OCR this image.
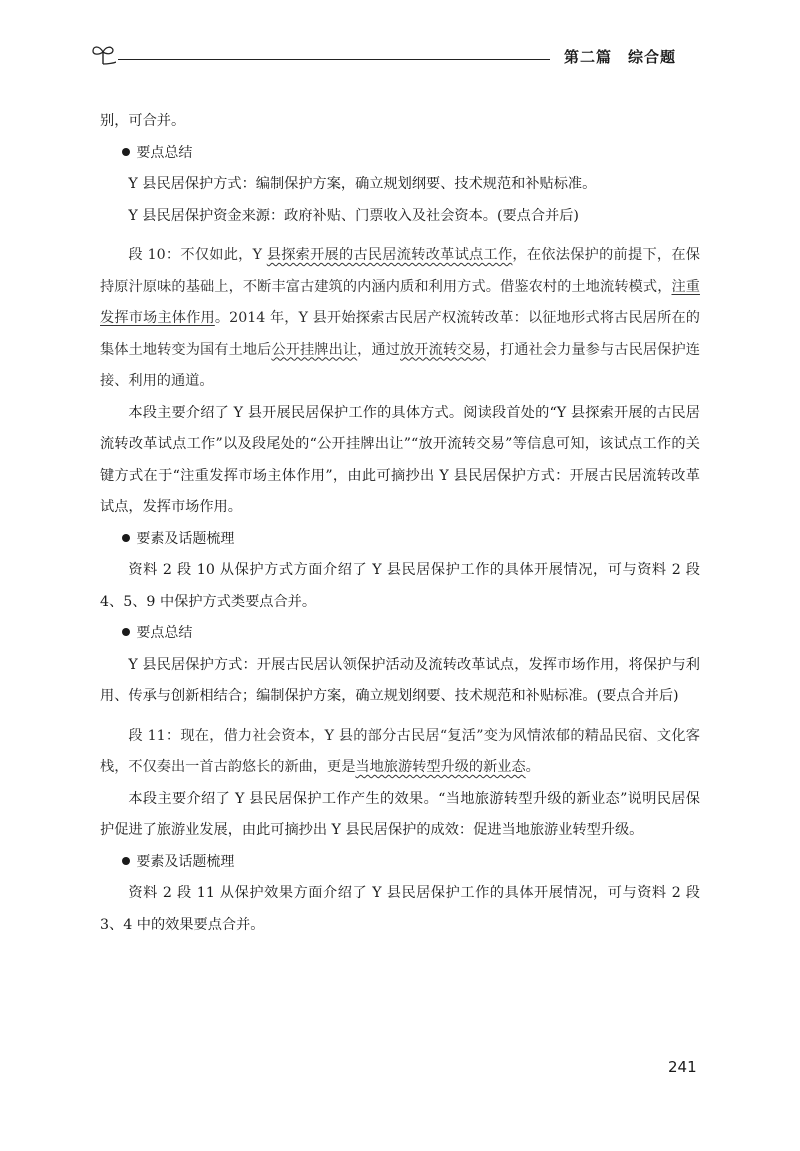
第二篇　综合题

别，可合并。

要点总结

Y 县民居保护方式：编制保护方案，确立规划纲要、技术规范和补贴标准。

Y 县民居保护资金来源：政府补贴、门票收入及社会资本。(要点合并后)

段 10：不仅如此，Y 县探索开展的古民居流转改革试点工作，在依法保护的前提下，在保持原汁原味的基础上，不断丰富古建筑的内涵内质和利用方式。借鉴农村的土地流转模式，注重发挥市场主体作用。2014 年，Y 县开始探索古民居产权流转改革：以征地形式将古民居所在的集体土地转变为国有土地后公开挂牌出让，通过放开流转交易，打通社会力量参与古民居保护连接、利用的通道。

本段主要介绍了 Y 县开展民居保护工作的具体方式。阅读段首处的“Y 县探索开展的古民居流转改革试点工作”以及段尾处的“公开挂牌出让”“放开流转交易”等信息可知，该试点工作的关键方式在于“注重发挥市场主体作用”，由此可摘抄出 Y 县民居保护方式：开展古民居流转改革试点，发挥市场作用。

要素及话题梳理

资料 2 段 10 从保护方式方面介绍了 Y 县民居保护工作的具体开展情况，可与资料 2 段 4、5、9 中保护方式类要点合并。

要点总结

Y 县民居保护方式：开展古民居认领保护活动及流转改革试点，发挥市场作用，将保护与利用、传承与创新相结合；编制保护方案，确立规划纲要、技术规范和补贴标准。(要点合并后)

段 11：现在，借力社会资本，Y 县的部分古民居“复活”变为风情浓郁的精品民宿、文化客栈，不仅奏出一首古韵悠长的新曲，更是当地旅游转型升级的新业态。

本段主要介绍了 Y 县民居保护工作产生的效果。“当地旅游转型升级的新业态”说明民居保护促进了旅游业发展，由此可摘抄出 Y 县民居保护的成效：促进当地旅游业转型升级。

要素及话题梳理

资料 2 段 11 从保护效果方面介绍了 Y 县民居保护工作的具体开展情况，可与资料 2 段 3、4 中的效果要点合并。

241
